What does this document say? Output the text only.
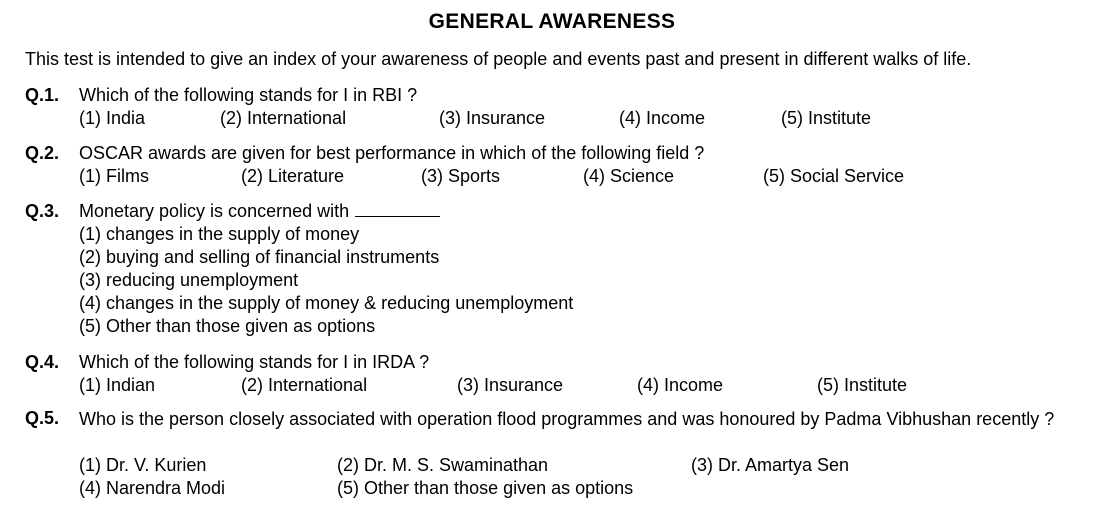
GENERAL AWARENESS
This test is intended to give an index of your awareness of people and events past and present in different walks of life.
Q.1. Which of the following stands for I in RBI ?
(1) India	(2) International	(3) Insurance	(4) Income	(5) Institute
Q.2. OSCAR awards are given for best performance in which of the following field ?
(1) Films	(2) Literature	(3) Sports	(4) Science	(5) Social Service
Q.3. Monetary policy is concerned with
(1) changes in the supply of money
(2) buying and selling of financial instruments
(3) reducing unemployment
(4) changes in the supply of money & reducing unemployment
(5) Other than those given as options
Q.4. Which of the following stands for I in IRDA ?
(1) Indian	(2) International	(3) Insurance	(4) Income	(5) Institute
Q.5. Who is the person closely associated with operation flood programmes and was honoured by Padma Vibhushan recently ?
(1) Dr. V. Kurien	(2) Dr. M. S. Swaminathan	(3) Dr. Amartya Sen
(4) Narendra Modi	(5) Other than those given as options
